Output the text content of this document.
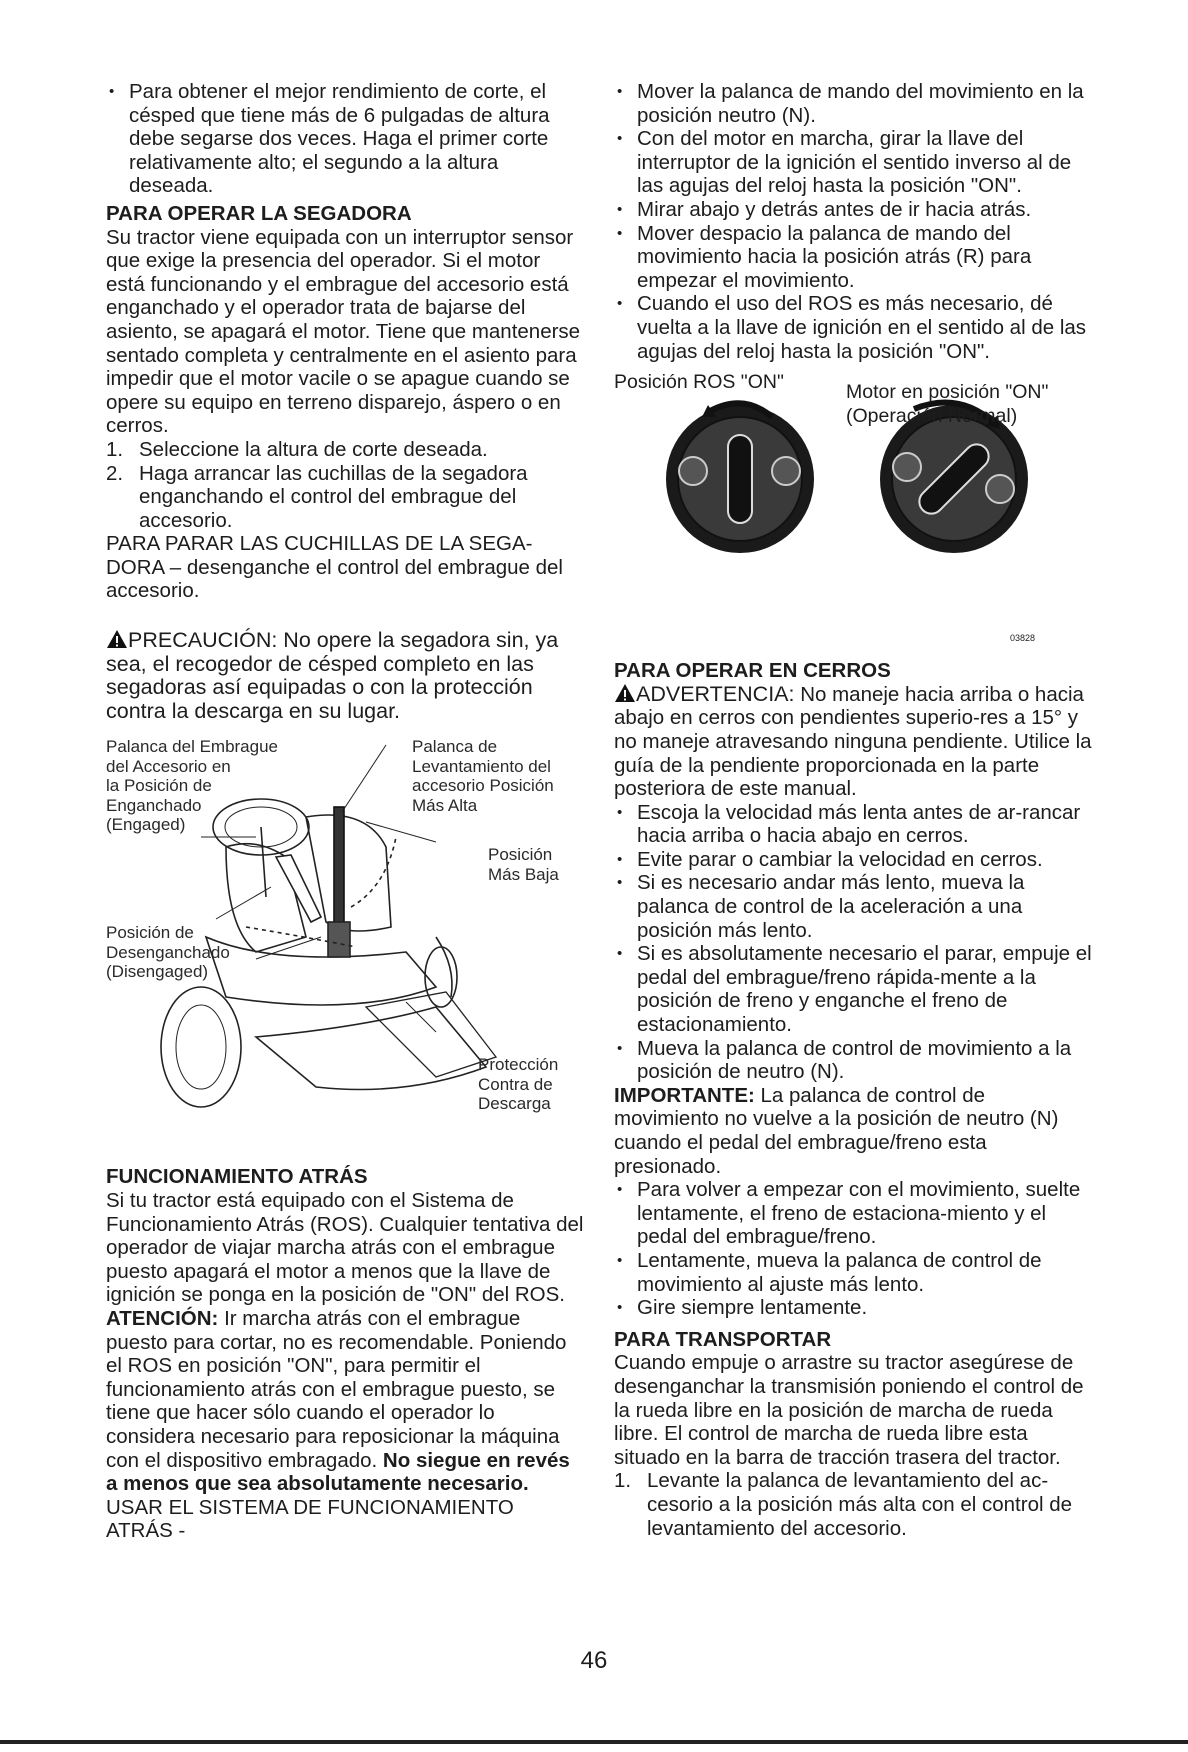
• Para obtener el mejor rendimiento de corte, el césped que tiene más de 6 pulgadas de altura debe segarse dos veces. Haga el primer corte relativamente alto; el segundo a la altura deseada.

PARA OPERAR LA SEGADORA

Su tractor viene equipada con un interruptor sensor que exige la presencia del operador. Si el motor está funcionando y el embrague del accesorio está enganchado y el operador trata de bajarse del asiento, se apagará el motor. Tiene que mantenerse sentado completa y centralmente en el asiento para impedir que el motor vacile o se apague cuando se opere su equipo en terreno disparejo, áspero o en cerros.

1. Seleccione la altura de corte deseada.

2. Haga arrancar las cuchillas de la segadora enganchando el control del embrague del accesorio.

PARA PARAR LAS CUCHILLAS DE LA SEGA-DORA – desenganche el control del embrague del accesorio.

PRECAUCIÓN: No opere la segadora sin, ya sea, el recogedor de césped completo en las segadoras así equipadas o con la protección contra la descarga en su lugar.

Palanca del Embrague
del Accesorio en
la Posición de
Enganchado
(Engaged)
Palanca de
Levantamiento del
accesorio Posición
Más Alta
Posición
Más Baja
Posición de
Desenganchado
(Disengaged)
Protección
Contra de
Descarga

FUNCIONAMIENTO ATRÁS

Si tu tractor está equipado con el Sistema de Funcionamiento Atrás (ROS). Cualquier tentativa del operador de viajar marcha atrás con el embrague puesto apagará el motor a menos que la llave de ignición se ponga en la posición de "ON" del ROS.

ATENCIÓN: Ir marcha atrás con el embrague puesto para cortar, no es recomendable. Poniendo el ROS en posición "ON", para permitir el funcionamiento atrás con el embrague puesto, se tiene que hacer sólo cuando el operador lo considera necesario para reposicionar la máquina con el dispositivo embragado. No siegue en revés a menos que sea absolutamente necesario.

USAR EL SISTEMA DE FUNCIONAMIENTO ATRÁS -

• Mover la palanca de mando del movimiento en la posición neutro (N).

• Con del motor en marcha, girar la llave del interruptor de la ignición el sentido inverso al de las agujas del reloj hasta la posición "ON".

• Mirar abajo y detrás antes de ir hacia atrás.

• Mover despacio la palanca de mando del movimiento hacia la posición atrás (R) para empezar el movimiento.

• Cuando el uso del ROS es más necesario, dé vuelta a la llave de ignición en el sentido al de las agujas del reloj hasta la posición "ON".

Posición ROS "ON"	Motor en posición "ON"
(Operación Normal)
03828

PARA OPERAR EN CERROS

ADVERTENCIA: No maneje hacia arriba o hacia abajo en cerros con pendientes superio-res a 15° y no maneje atravesando ninguna pendiente. Utilice la guía de la pendiente proporcionada en la parte posteriora de este manual.

• Escoja la velocidad más lenta antes de ar-rancar hacia arriba o hacia abajo en cerros.

• Evite parar o cambiar la velocidad en cerros.

• Si es necesario andar más lento, mueva la palanca de control de la aceleración a una posición más lento.

• Si es absolutamente necesario el parar, empuje el pedal del embrague/freno rápida-mente a la posición de freno y enganche el freno de estacionamiento.

• Mueva la palanca de control de movimiento a la posición de neutro (N).

IMPORTANTE: La palanca de control de movimiento no vuelve a la posición de neutro (N) cuando el pedal del embrague/freno esta presionado.

• Para volver a empezar con el movimiento, suelte lentamente, el freno de estaciona-miento y el pedal del embrague/freno.

• Lentamente, mueva la palanca de control de movimiento al ajuste más lento.

• Gire siempre lentamente.

PARA TRANSPORTAR

Cuando empuje o arrastre su tractor asegúrese de desenganchar la transmisión poniendo el control de la rueda libre en la posición de marcha de rueda libre. El control de marcha de rueda libre esta situado en la barra de tracción trasera del tractor.

1. Levante la palanca de levantamiento del ac-cesorio a la posición más alta con el control de levantamiento del accesorio.

46
